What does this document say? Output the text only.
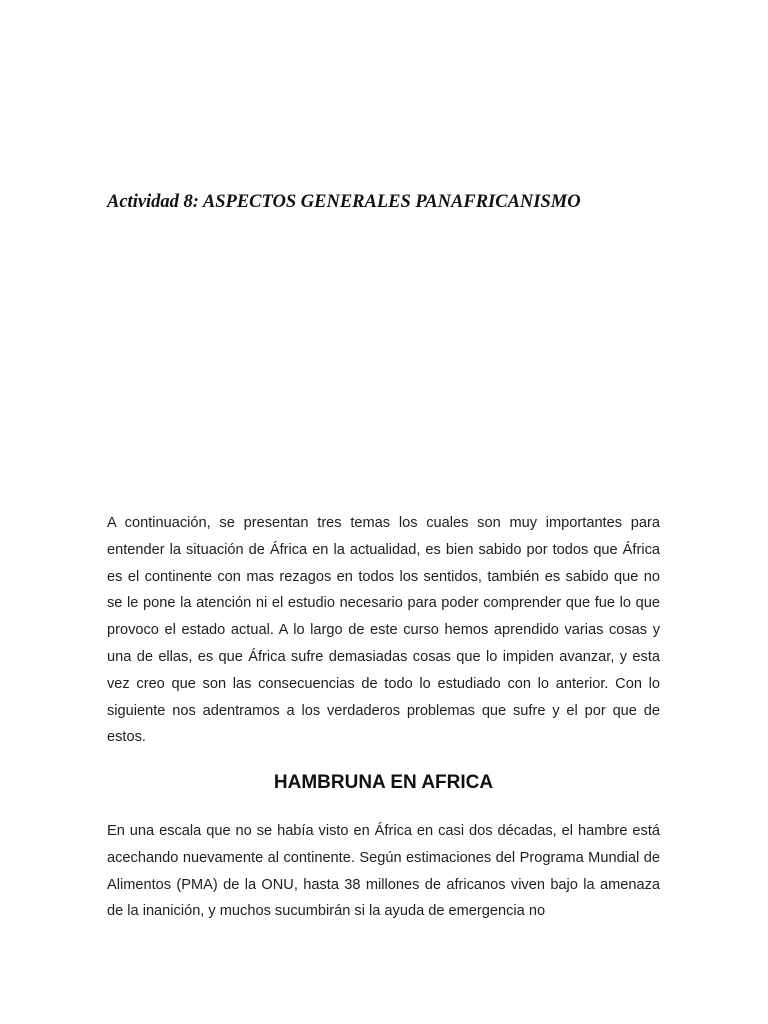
Actividad 8: ASPECTOS GENERALES PANAFRICANISMO

A continuación, se presentan tres temas los cuales son muy importantes para entender la situación de África en la actualidad, es bien sabido por todos que África es el continente con mas rezagos en todos los sentidos, también es sabido que no se le pone la atención ni el estudio necesario para poder comprender que fue lo que provoco el estado actual. A lo largo de este curso hemos aprendido varias cosas y una de ellas, es que África sufre demasiadas cosas que lo impiden avanzar, y esta vez creo que son las consecuencias de todo lo estudiado con lo anterior. Con lo siguiente nos adentramos a los verdaderos problemas que sufre y el por que de estos.

HAMBRUNA EN AFRICA

En una escala que no se había visto en África en casi dos décadas, el hambre está acechando nuevamente al continente. Según estimaciones del Programa Mundial de Alimentos (PMA) de la ONU, hasta 38 millones de africanos viven bajo la amenaza de la inanición, y muchos sucumbirán si la ayuda de emergencia no
